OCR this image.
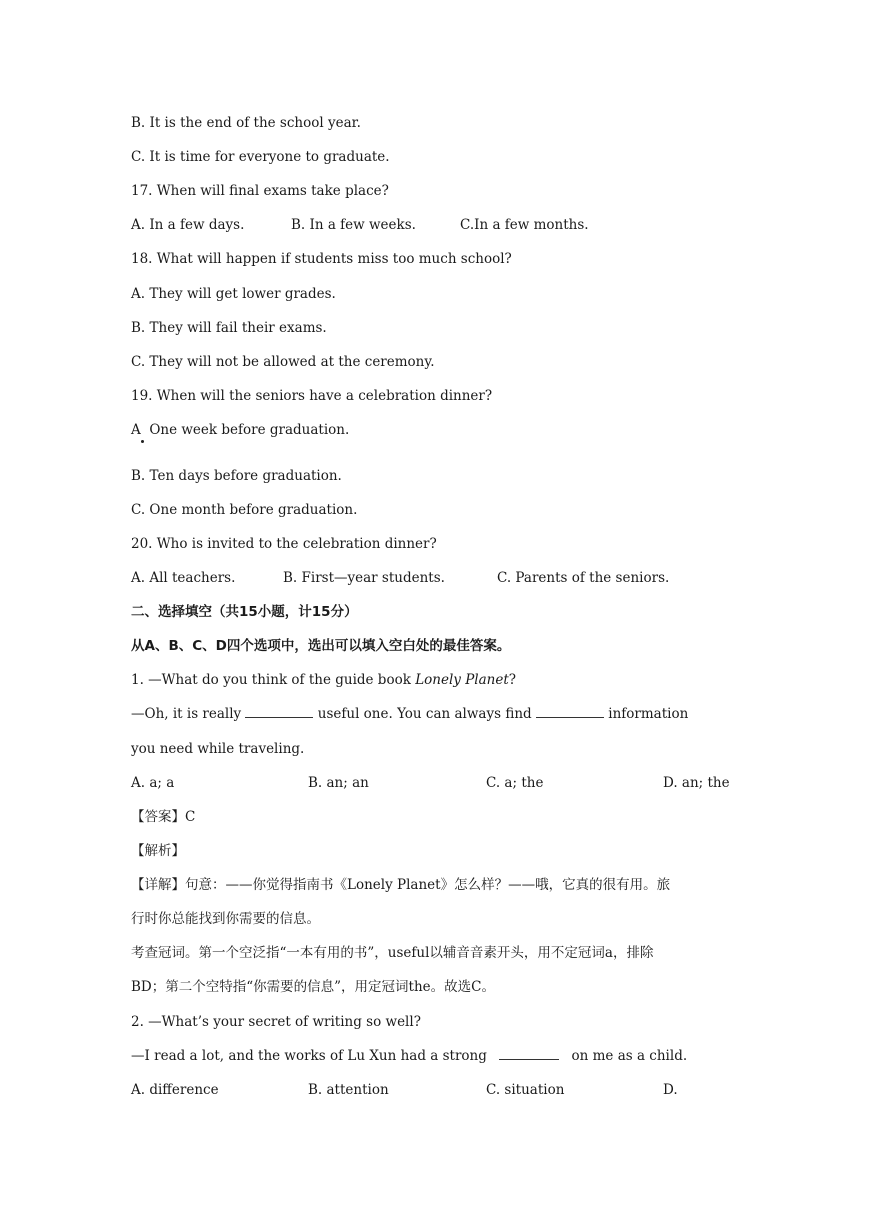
B. It is the end of the school year.
C. It is time for everyone to graduate.
17. When will final exams take place?
A. In a few days.	B. In a few weeks.	C.In a few months.
18. What will happen if students miss too much school?
A. They will get lower grades.
B. They will fail their exams.
C. They will not be allowed at the ceremony.
19. When will the seniors have a celebration dinner?
A  One week before graduation.
B. Ten days before graduation.
C. One month before graduation.
20. Who is invited to the celebration dinner?
A. All teachers.	B. First—year students.	C. Parents of the seniors.
二、选择填空（共15小题，计15分）
从A、B、C、D四个选项中，选出可以填入空白处的最佳答案。
1. —What do you think of the guide book Lonely Planet?
—Oh, it is really	useful one. You can always find	information
you need while traveling.
A. a; a	B. an; an	C. a; the	D. an; the
【答案】C
【解析】
【详解】句意：——你觉得指南书《Lonely Planet》怎么样？——哦，它真的很有用。旅
行时你总能找到你需要的信息。
考查冠词。第一个空泛指“一本有用的书”，useful以辅音音素开头，用不定冠词a，排除
BD；第二个空特指“你需要的信息”，用定冠词the。故选C。
2. —What’s your secret of writing so well?
—I read a lot, and the works of Lu Xun had a strong	on me as a child.
A. difference	B. attention	C. situation	D.
